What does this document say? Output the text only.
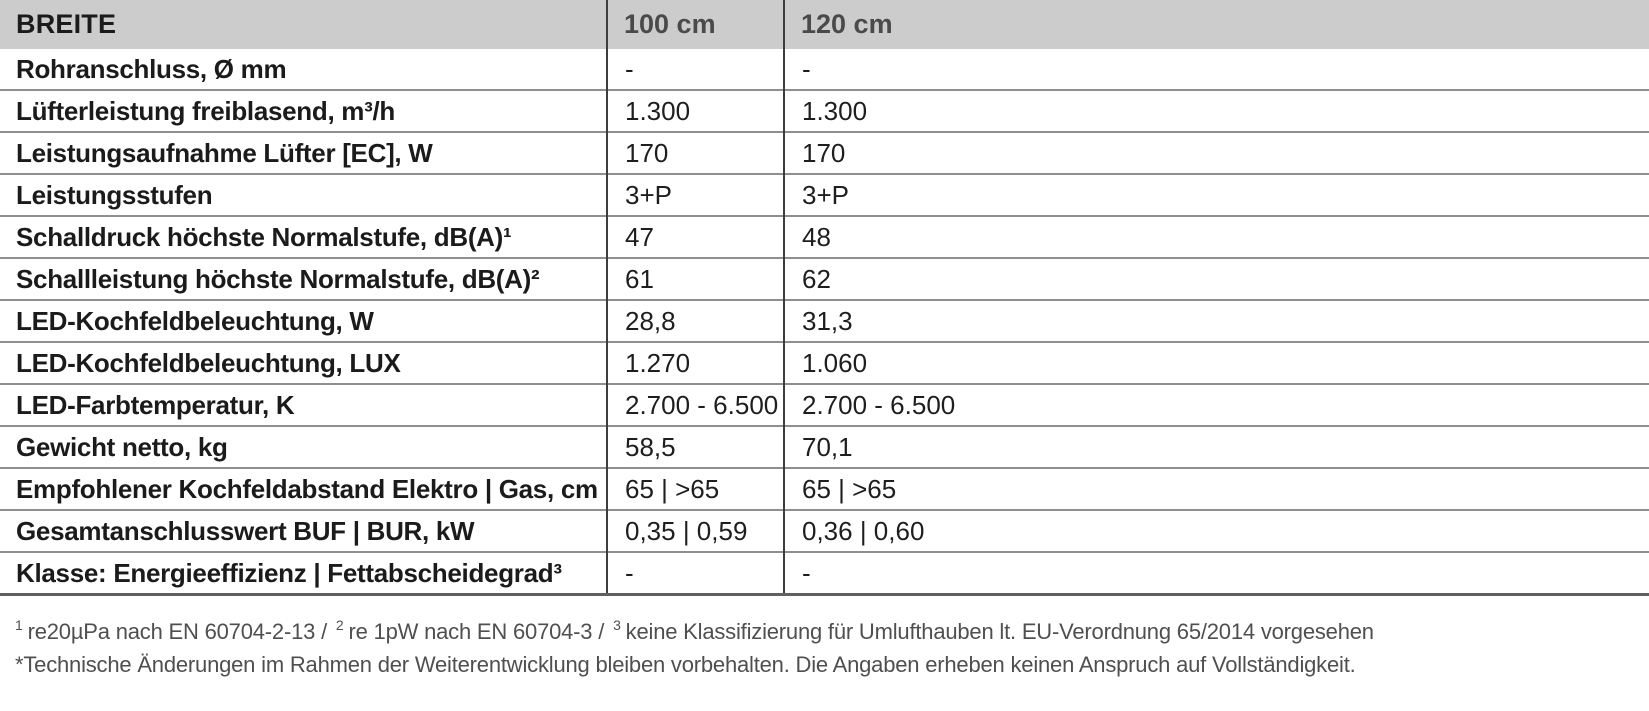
BREITE	100 cm	120 cm
Rohranschluss, Ø mm	-	-
Lüfterleistung freiblasend, m³/h	1.300	1.300
Leistungsaufnahme Lüfter [EC], W	170	170
Leistungsstufen	3+P	3+P
Schalldruck höchste Normalstufe, dB(A)¹	47	48
Schallleistung höchste Normalstufe, dB(A)²	61	62
LED-Kochfeldbeleuchtung, W	28,8	31,3
LED-Kochfeldbeleuchtung, LUX	1.270	1.060
LED-Farbtemperatur, K	2.700 - 6.500	2.700 - 6.500
Gewicht netto, kg	58,5	70,1
Empfohlener Kochfeldabstand Elektro | Gas, cm	65 | >65	65 | >65
Gesamtanschlusswert BUF | BUR, kW	0,35 | 0,59	0,36 | 0,60
Klasse: Energieeffizienz | Fettabscheidegrad³	-	-
$^1$ re20µPa nach EN 60704-2-13 / $^2$ re 1pW nach EN 60704-3 / $^3$ keine Klassifizierung für Umlufthauben lt. EU-Verordnung 65/2014 vorgesehen
*Technische Änderungen im Rahmen der Weiterentwicklung bleiben vorbehalten. Die Angaben erheben keinen Anspruch auf Vollständigkeit.
